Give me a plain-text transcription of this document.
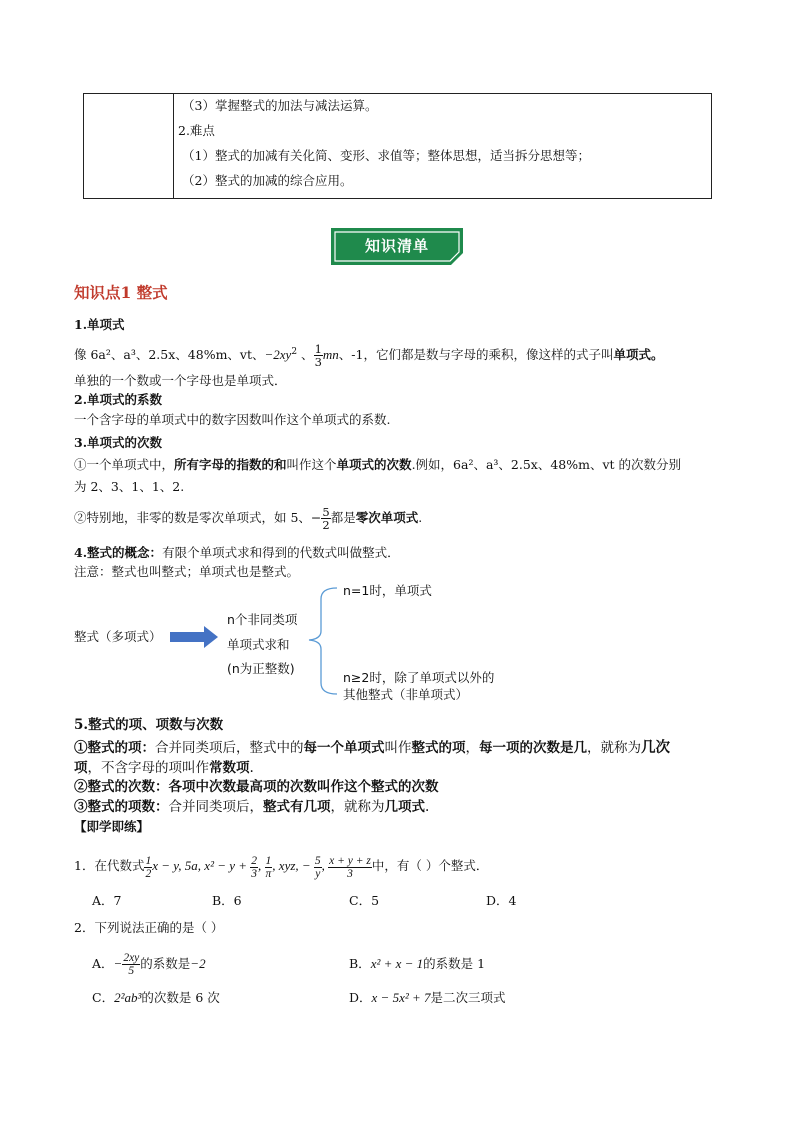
（3）掌握整式的加法与减法运算。
2.难点
（1）整式的加减有关化简、变形、求值等；整体思想，适当拆分思想等；
（2）整式的加减的综合应用。
知识清单
知识点1 整式
1.单项式
像 6a²、a³、2.5x、48%m、vt、$-2xy^2$ 、 $\frac{1}{3}$ mn、-1，它们都是数与字母的乘积，像这样的式子叫单项式。
单独的一个数或一个字母也是单项式．
2.单项式的系数
一个含字母的单项式中的数字因数叫作这个单项式的系数.
3.单项式的次数
①一个单项式中，所有字母的指数的和叫作这个单项式的次数.例如，6a²、a³、2.5x、48%m、vt 的次数分别
为 2、3、1、1、2.
②特别地，非零的数是零次单项式，如 5、− $\frac{5}{2}$ 都是零次单项式.
4.整式的概念：有限个单项式求和得到的代数式叫做整式．
注意：整式也叫整式；单项式也是整式。
整式（多项式）
n个非同类项
单项式求和
(n为正整数)
n=1时，单项式
n≥2时，除了单项式以外的
其他整式（非单项式）
5.整式的项、项数与次数
①整式的项：合并同类项后，整式中的每一个单项式叫作整式的项，每一项的次数是几，就称为几次
项，不含字母的项叫作常数项.
②整式的次数：各项中次数最高项的次数叫作这个整式的次数
③整式的项数：合并同类项后，整式有几项，就称为几项式.
【即学即练】
1．在代数式 $\frac{1}{2}$ x − y, 5a, $x^2 - y + \frac{2}{3}$ , $\frac{1}{\pi}$ , xyz, − $\frac{5}{y}$ , $\frac{x + y + z}{3}$ 中，有（ ）个整式．
A．7	B．6	C．5	D．4
2．下列说法正确的是（ ）
A．− $\frac{2xy}{5}$ 的系数是−2	B．x² + x − 1的系数是 1
C．2²ab³的次数是 6 次	D．x − 5x² + 7是二次三项式
